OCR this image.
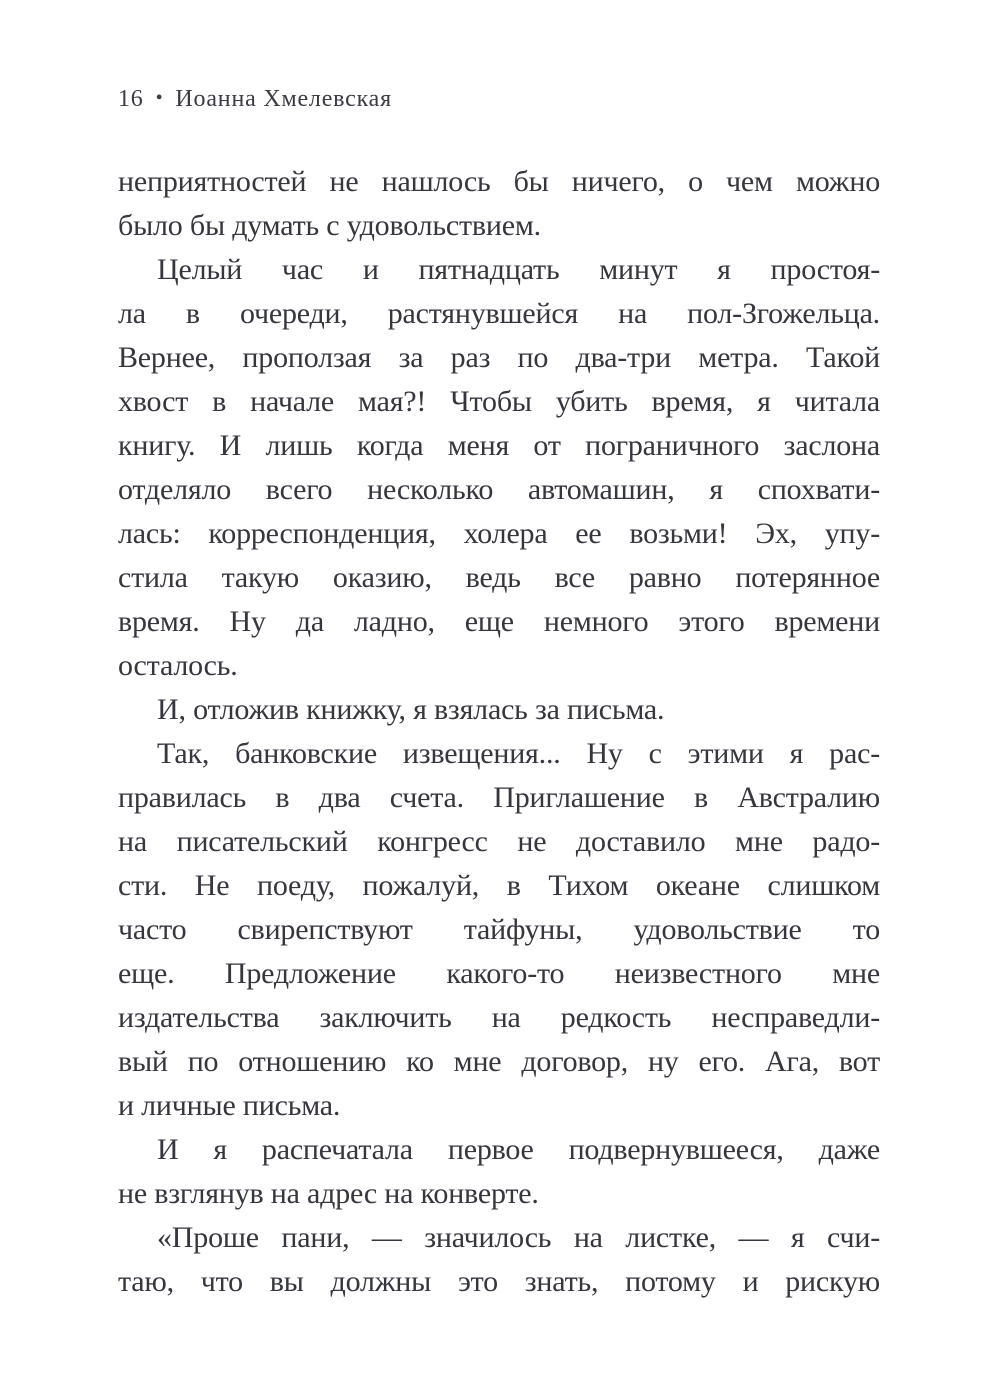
16 • Иоанна Хмелевская
неприятностей не нашлось бы ничего, о чем можно
было бы думать с удовольствием.
Целый час и пятнадцать минут я простоя-
ла в очереди, растянувшейся на пол-Згожельца.
Вернее, проползая за раз по два-три метра. Такой
хвост в начале мая?! Чтобы убить время, я читала
книгу. И лишь когда меня от пограничного заслона
отделяло всего несколько автомашин, я спохвати-
лась: корреспонденция, холера ее возьми! Эх, упу-
стила такую оказию, ведь все равно потерянное
время. Ну да ладно, еще немного этого времени
осталось.
И, отложив книжку, я взялась за письма.
Так, банковские извещения... Ну с этими я рас-
правилась в два счета. Приглашение в Австралию
на писательский конгресс не доставило мне радо-
сти. Не поеду, пожалуй, в Тихом океане слишком
часто свирепствуют тайфуны, удовольствие то
еще. Предложение какого-то неизвестного мне
издательства заключить на редкость несправедли-
вый по отношению ко мне договор, ну его. Ага, вот
и личные письма.
И я распечатала первое подвернувшееся, даже
не взглянув на адрес на конверте.
«Проше пани, — значилось на листке, — я счи-
таю, что вы должны это знать, потому и рискую
